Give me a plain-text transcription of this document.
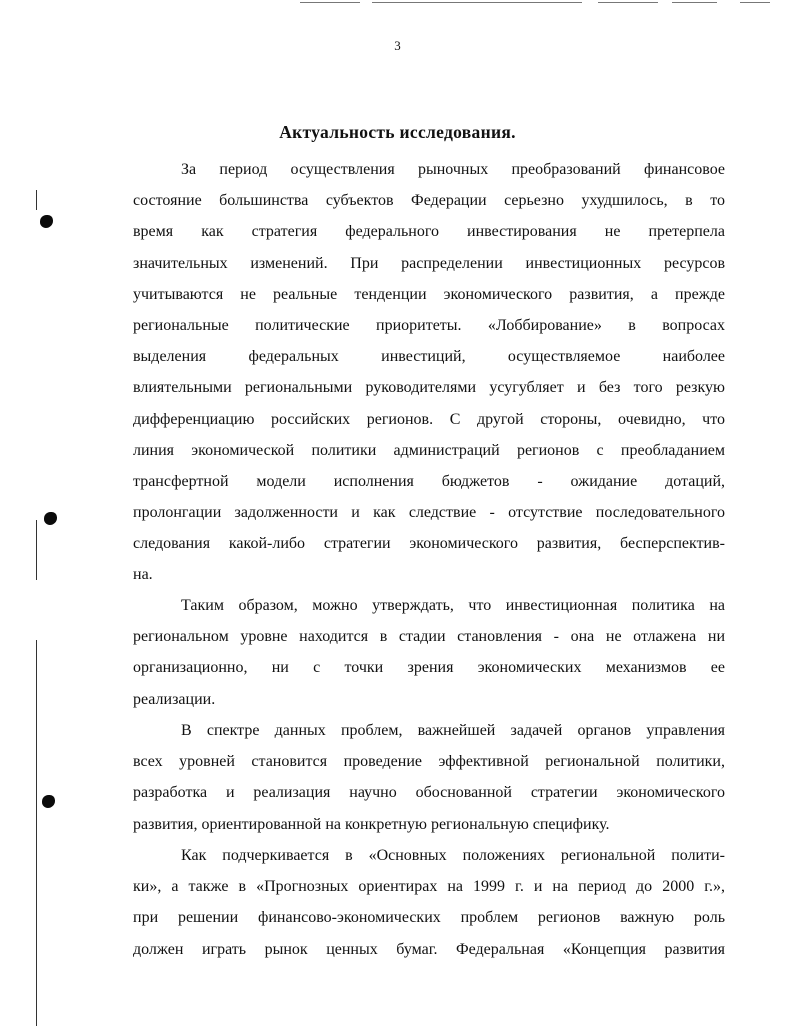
3
Актуальность исследования.
За период осуществления рыночных преобразований финансовое
состояние большинства субъектов Федерации серьезно ухудшилось, в то
время как стратегия федерального инвестирования не претерпела
значительных изменений. При распределении инвестиционных ресурсов
учитываются не реальные тенденции экономического развития, а прежде
региональные политические приоритеты. «Лоббирование» в вопросах
выделения федеральных инвестиций, осуществляемое наиболее
влиятельными региональными руководителями усугубляет и без того резкую
дифференциацию российских регионов. С другой стороны, очевидно, что
линия экономической политики администраций регионов с преобладанием
трансфертной модели исполнения бюджетов - ожидание дотаций,
пролонгации задолженности и как следствие - отсутствие последовательного
следования какой-либо стратегии экономического развития, бесперспектив-
на.
Таким образом, можно утверждать, что инвестиционная политика на
региональном уровне находится в стадии становления - она не отлажена ни
организационно, ни с точки зрения экономических механизмов ее
реализации.
В спектре данных проблем, важнейшей задачей органов управления
всех уровней становится проведение эффективной региональной политики,
разработка и реализация научно обоснованной стратегии экономического
развития, ориентированной на конкретную региональную специфику.
Как подчеркивается в «Основных положениях региональной полити-
ки», а также в «Прогнозных ориентирах на 1999 г. и на период до 2000 г.»,
при решении финансово-экономических проблем регионов важную роль
должен играть рынок ценных бумаг. Федеральная «Концепция развития
